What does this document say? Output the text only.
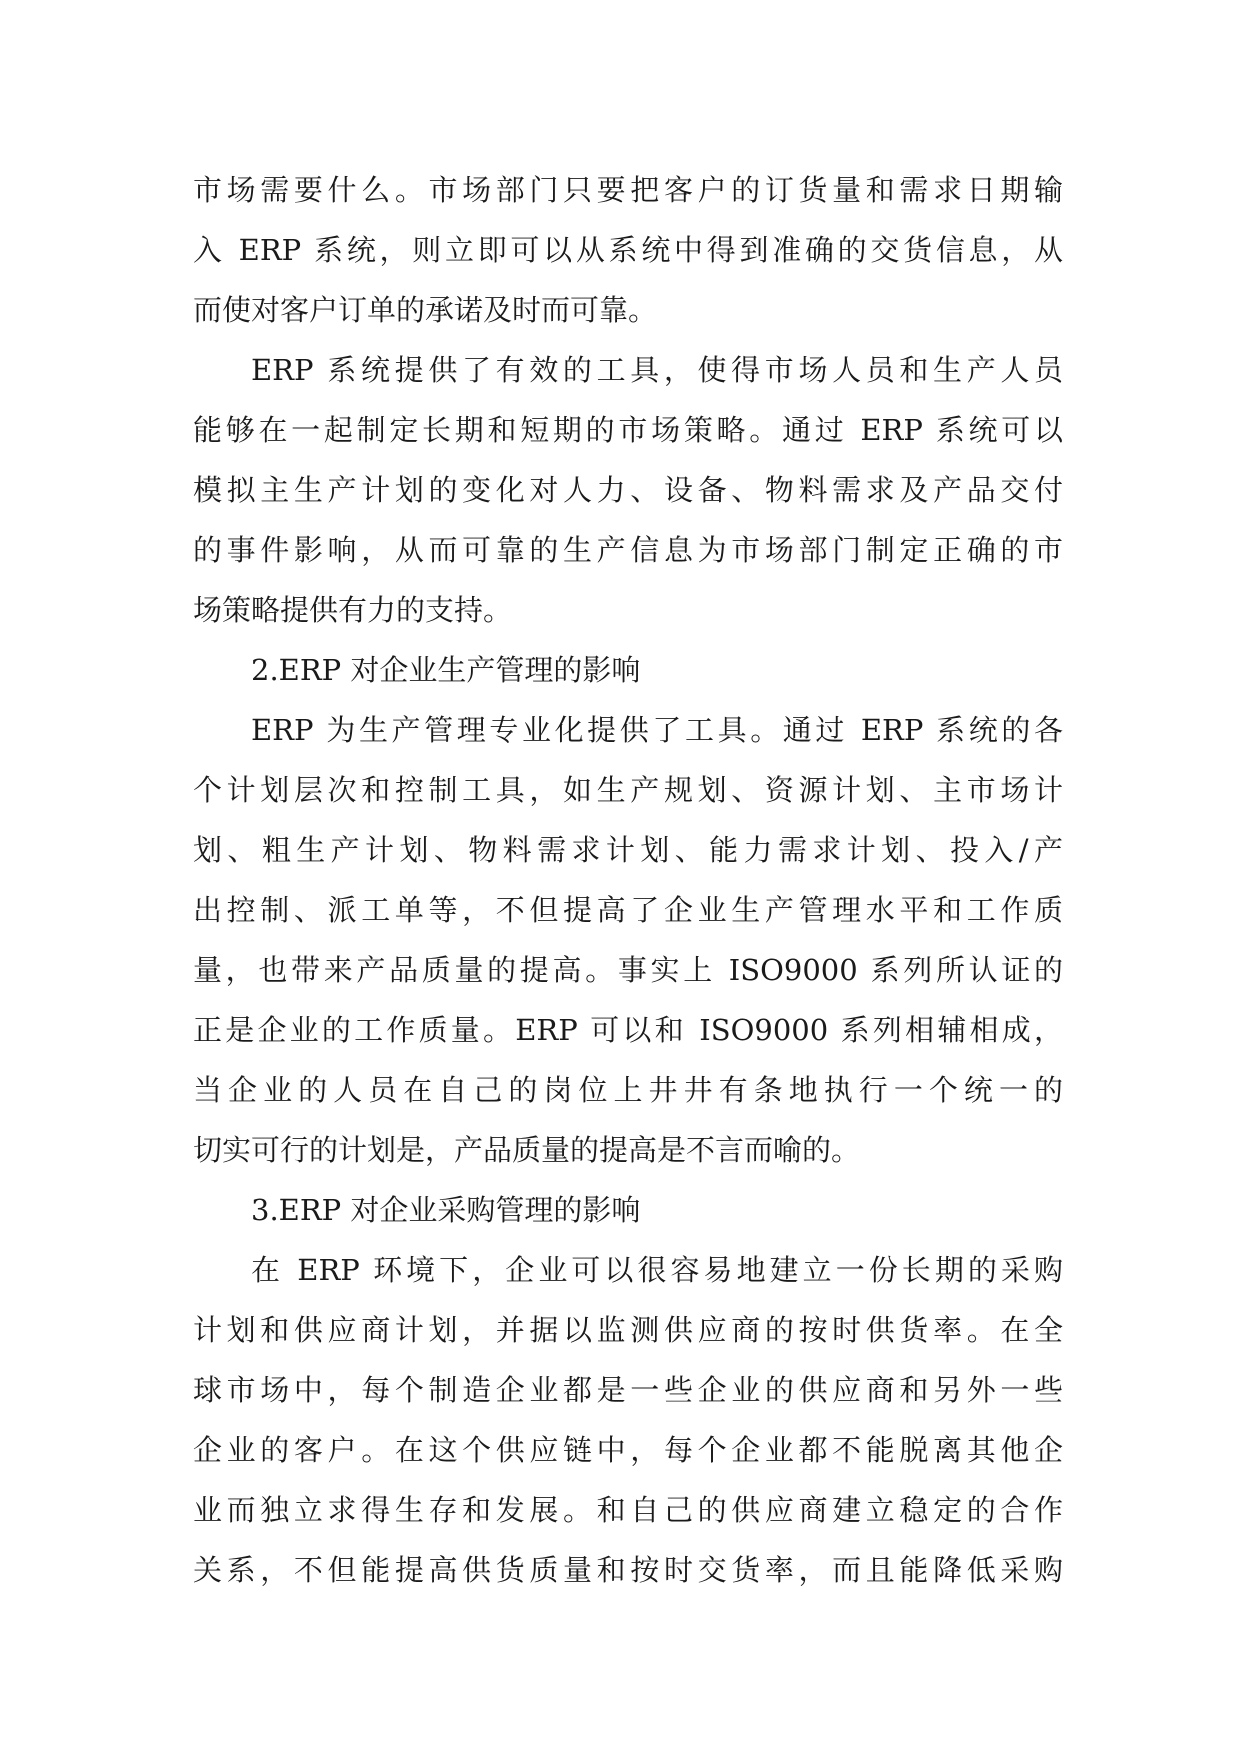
市场需要什么。市场部门只要把客户的订货量和需求日期输
入 ERP 系统，则立即可以从系统中得到准确的交货信息，从
而使对客户订单的承诺及时而可靠。
ERP 系统提供了有效的工具，使得市场人员和生产人员
能够在一起制定长期和短期的市场策略。通过 ERP 系统可以
模拟主生产计划的变化对人力、设备、物料需求及产品交付
的事件影响，从而可靠的生产信息为市场部门制定正确的市
场策略提供有力的支持。
2.ERP 对企业生产管理的影响
ERP 为生产管理专业化提供了工具。通过 ERP 系统的各
个计划层次和控制工具，如生产规划、资源计划、主市场计
划、粗生产计划、物料需求计划、能力需求计划、投入/产
出控制、派工单等，不但提高了企业生产管理水平和工作质
量，也带来产品质量的提高。事实上 ISO9000 系列所认证的
正是企业的工作质量。ERP 可以和 ISO9000 系列相辅相成，
当企业的人员在自己的岗位上井井有条地执行一个统一的
切实可行的计划是，产品质量的提高是不言而喻的。
3.ERP 对企业采购管理的影响
在 ERP 环境下，企业可以很容易地建立一份长期的采购
计划和供应商计划，并据以监测供应商的按时供货率。在全
球市场中，每个制造企业都是一些企业的供应商和另外一些
企业的客户。在这个供应链中，每个企业都不能脱离其他企
业而独立求得生存和发展。和自己的供应商建立稳定的合作
关系，不但能提高供货质量和按时交货率，而且能降低采购
